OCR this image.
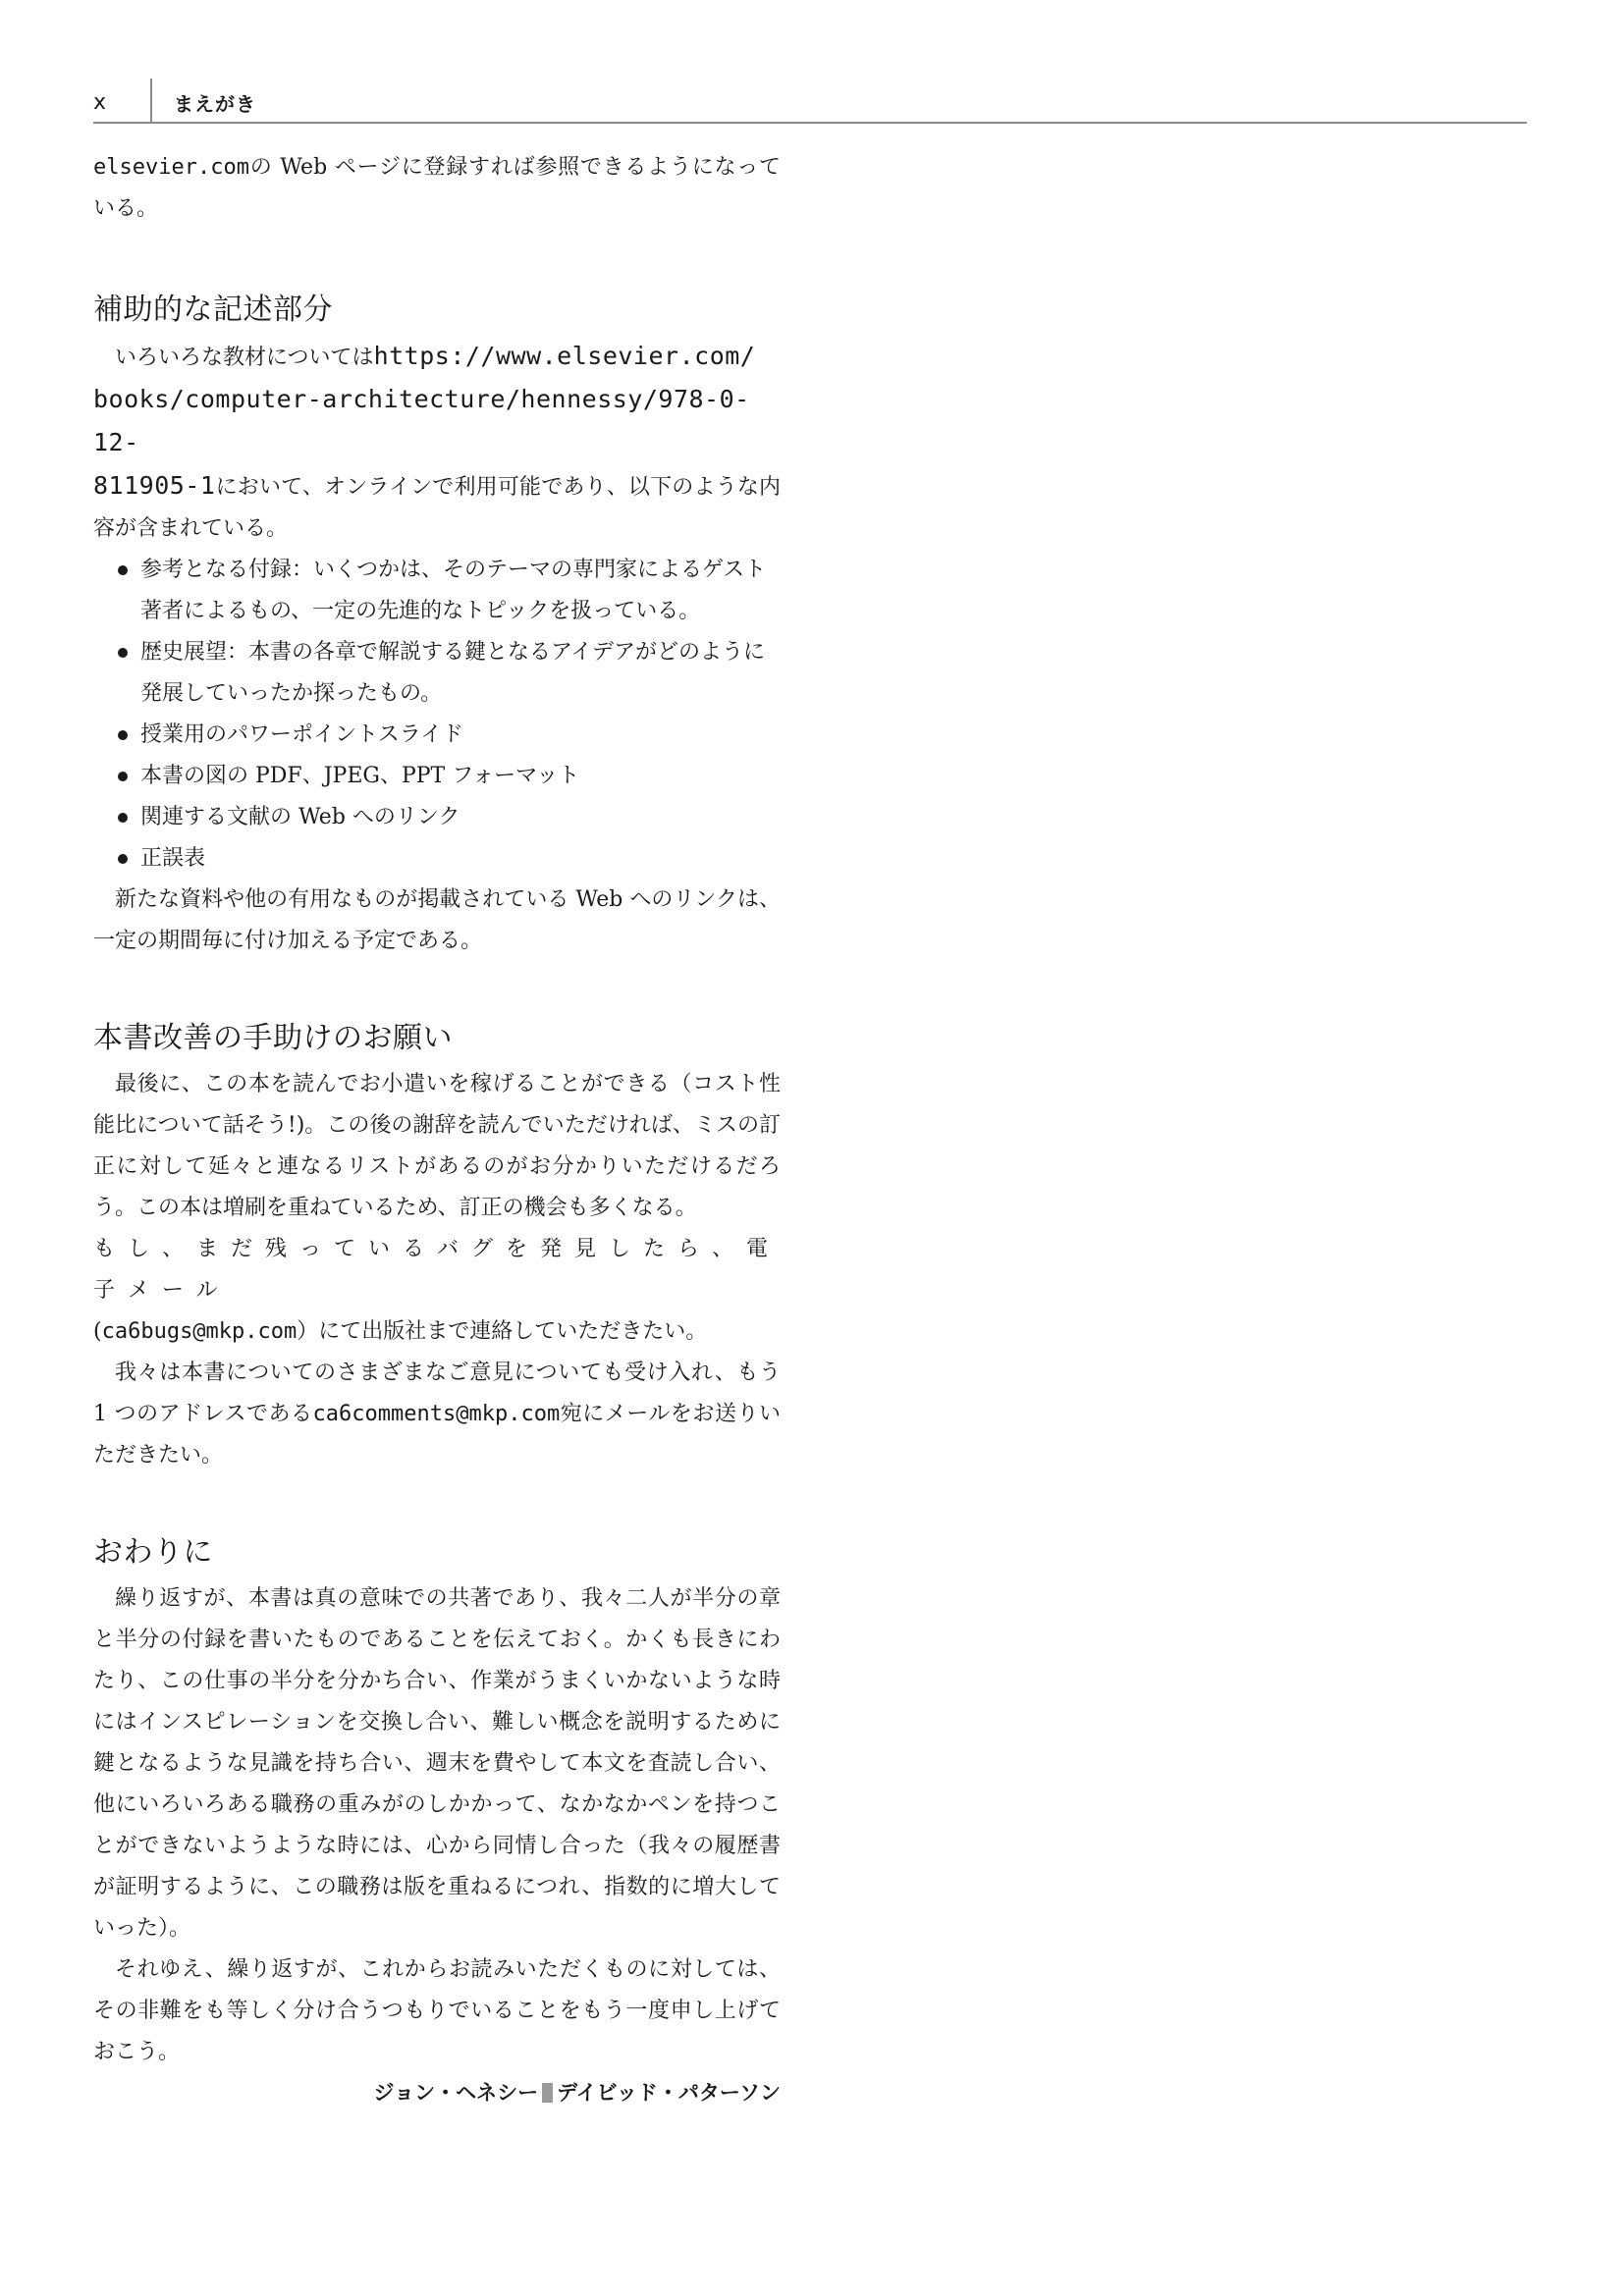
x	まえがき

elsevier.comの Web ページに登録すれば参照できるようになっている。

補助的な記述部分

いろいろな教材についてはhttps://www.elsevier.com/
books/computer-architecture/hennessy/978-0-12-
811905-1において、オンラインで利用可能であり、以下のような内容が含まれている。

参考となる付録：いくつかは、そのテーマの専門家によるゲスト著者によるもの、一定の先進的なトピックを扱っている。
歴史展望：本書の各章で解説する鍵となるアイデアがどのように発展していったか探ったもの。
授業用のパワーポイントスライド
本書の図の PDF、JPEG、PPT フォーマット
関連する文献の Web へのリンク
正誤表

新たな資料や他の有用なものが掲載されている Web へのリンクは、一定の期間毎に付け加える予定である。

本書改善の手助けのお願い

最後に、この本を読んでお小遣いを稼げることができる（コスト性能比について話そう!)。この後の謝辞を読んでいただければ、ミスの訂正に対して延々と連なるリストがあるのがお分かりいただけるだろう。この本は増刷を重ねているため、訂正の機会も多くなる。
もし、まだ残っているバグを発見したら、電子メール
(ca6bugs@mkp.com）にて出版社まで連絡していただきたい。

我々は本書についてのさまざまなご意見についても受け入れ、もう 1 つのアドレスであるca6comments@mkp.com宛にメールをお送りいただきたい。

おわりに

繰り返すが、本書は真の意味での共著であり、我々二人が半分の章と半分の付録を書いたものであることを伝えておく。かくも長きにわたり、この仕事の半分を分かち合い、作業がうまくいかないような時にはインスピレーションを交換し合い、難しい概念を説明するために鍵となるような見識を持ち合い、週末を費やして本文を査読し合い、他にいろいろある職務の重みがのしかかって、なかなかペンを持つことができないようような時には、心から同情し合った（我々の履歴書が証明するように、この職務は版を重ねるにつれ、指数的に増大していった）。

それゆえ、繰り返すが、これからお読みいただくものに対しては、その非難をも等しく分け合うつもりでいることをもう一度申し上げておこう。

ジョン・ヘネシー デイビッド・パターソン
